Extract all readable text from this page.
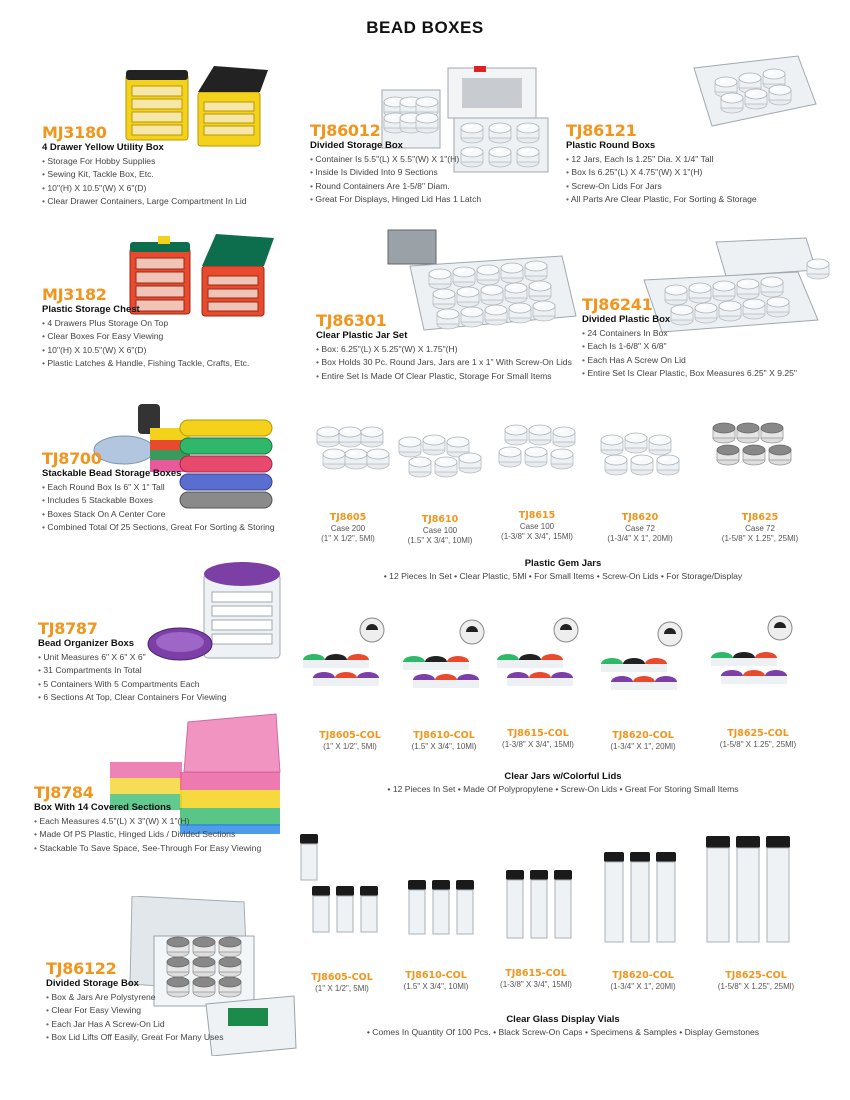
BEAD BOXES
MJ3180
4 Drawer Yellow Utility Box
• Storage For Hobby Supplies
• Sewing Kit, Tackle Box, Etc.
• 10"(H) X 10.5"(W) X 6"(D)
• Clear Drawer Containers, Large Compartment In Lid
MJ3182
Plastic Storage Chest
• 4 Drawers Plus Storage On Top
• Clear Boxes For Easy Viewing
• 10"(H) X 10.5"(W) X 6"(D)
• Plastic Latches & Handle, Fishing Tackle, Crafts, Etc.
TJ8700
Stackable Bead Storage Boxes
• Each Round Box Is 6" X 1" Tall
• Includes 5 Stackable Boxes
• Boxes Stack On A Center Core
• Combined Total Of 25 Sections, Great For Sorting & Storing
TJ8787
Bead Organizer Boxs
• Unit Measures 6" X 6" X 6"
• 31 Compartments In Total
• 5 Containers With 5 Compartments Each
• 6 Sections At Top, Clear Containers For Viewing
TJ8784
Box With 14 Covered Sections
• Each Measures 4.5"(L) X 3"(W) X 1"(H)
• Made Of PS Plastic, Hinged Lids / Divided Sections
• Stackable To Save Space, See-Through For Easy Viewing
TJ86122
Divided Storage Box
• Box & Jars Are Polystyrene
• Clear For Easy Viewing
• Each Jar Has A Screw-On Lid
• Box Lid Lifts Off Easily, Great For Many Uses
TJ86012
Divided Storage Box
• Container Is 5.5"(L) X 5.5"(W) X 1"(H)
• Inside Is Divided Into 9 Sections
• Round Containers Are 1-5/8" Diam.
• Great For Displays, Hinged Lid Has 1 Latch
TJ86121
Plastic Round Boxs
• 12 Jars, Each Is 1.25" Dia. X 1/4" Tall
• Box Is 6.25"(L) X 4.75"(W) X 1"(H)
• Screw-On Lids For Jars
• All Parts Are Clear Plastic, For Sorting & Storage
TJ86301
Clear Plastic Jar Set
• Box: 6.25"(L) X 5.25"(W) X 1.75"(H)
• Box Holds 30 Pc. Round Jars, Jars are 1 x 1" With Screw-On Lids
• Entire Set Is Made Of Clear Plastic, Storage For Small Items
TJ86241
Divided Plastic Box
• 24 Containers In Box
• Each Is 1-6/8" X 6/8"
• Each Has A Screw On Lid
• Entire Set Is Clear Plastic, Box Measures 6.25" X 9.25"
TJ8605
Case 200
(1" X 1/2", 5Ml)
TJ8610
Case 100
(1.5" X 3/4", 10Ml)
TJ8615
Case 100
(1-3/8" X 3/4", 15Ml)
TJ8620
Case 72
(1-3/4" X 1", 20Ml)
TJ8625
Case 72
(1-5/8" X 1.25", 25Ml)
Plastic Gem Jars
• 12 Pieces In Set • Clear Plastic, 5Ml • For Small Items • Screw-On Lids • For Storage/Display
TJ8605-COL
(1" X 1/2", 5Ml)
TJ8610-COL
(1.5" X 3/4", 10Ml)
TJ8615-COL
(1-3/8" X 3/4", 15Ml)
TJ8620-COL
(1-3/4" X 1", 20Ml)
TJ8625-COL
(1-5/8" X 1.25", 25Ml)
Clear Jars w/Colorful Lids
• 12 Pieces In Set • Made Of Polypropylene • Screw-On Lids • Great For Storing Small Items
TJ8605-COL
(1" X 1/2", 5Ml)
TJ8610-COL
(1.5" X 3/4", 10Ml)
TJ8615-COL
(1-3/8" X 3/4", 15Ml)
TJ8620-COL
(1-3/4" X 1", 20Ml)
TJ8625-COL
(1-5/8" X 1.25", 25Ml)
Clear Glass Display Vials
• Comes In Quantity Of 100 Pcs. • Black Screw-On Caps • Specimens & Samples • Display Gemstones
